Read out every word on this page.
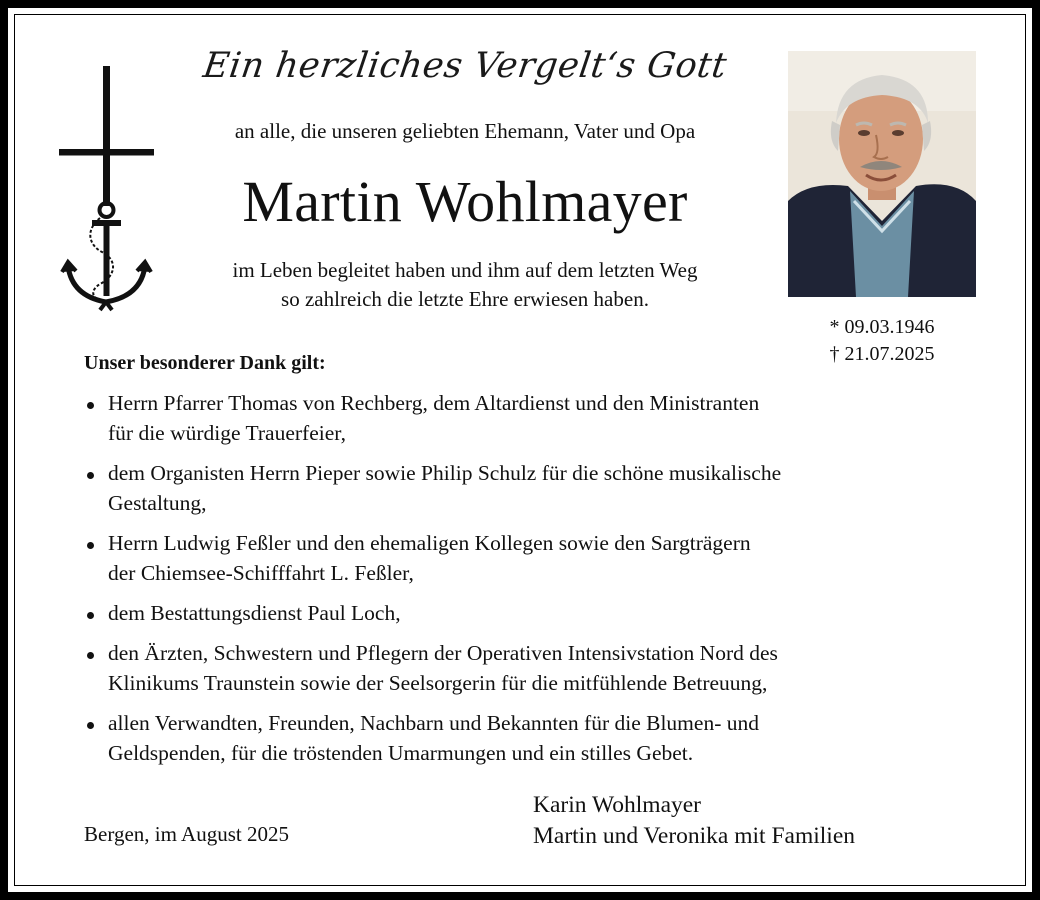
Ein herzliches Vergelt‘s Gott
an alle, die unseren geliebten Ehemann, Vater und Opa
Martin Wohlmayer
im Leben begleitet haben und ihm auf dem letzten Weg
so zahlreich die letzte Ehre erwiesen haben.
* 09.03.1946
† 21.07.2025
Unser besonderer Dank gilt:
Herrn Pfarrer Thomas von Rechberg, dem Altardienst und den Ministranten
für die würdige Trauerfeier,
dem Organisten Herrn Pieper sowie Philip Schulz für die schöne musikalische
Gestaltung,
Herrn Ludwig Feßler und den ehemaligen Kollegen sowie den Sargträgern
der Chiemsee-Schifffahrt L. Feßler,
dem Bestattungsdienst Paul Loch,
den Ärzten, Schwestern und Pflegern der Operativen Intensivstation Nord des
Klinikums Traunstein sowie der Seelsorgerin für die mitfühlende Betreuung,
allen Verwandten, Freunden, Nachbarn und Bekannten für die Blumen- und
Geldspenden, für die tröstenden Umarmungen und ein stilles Gebet.
Bergen, im August 2025
Karin Wohlmayer
Martin und Veronika mit Familien
